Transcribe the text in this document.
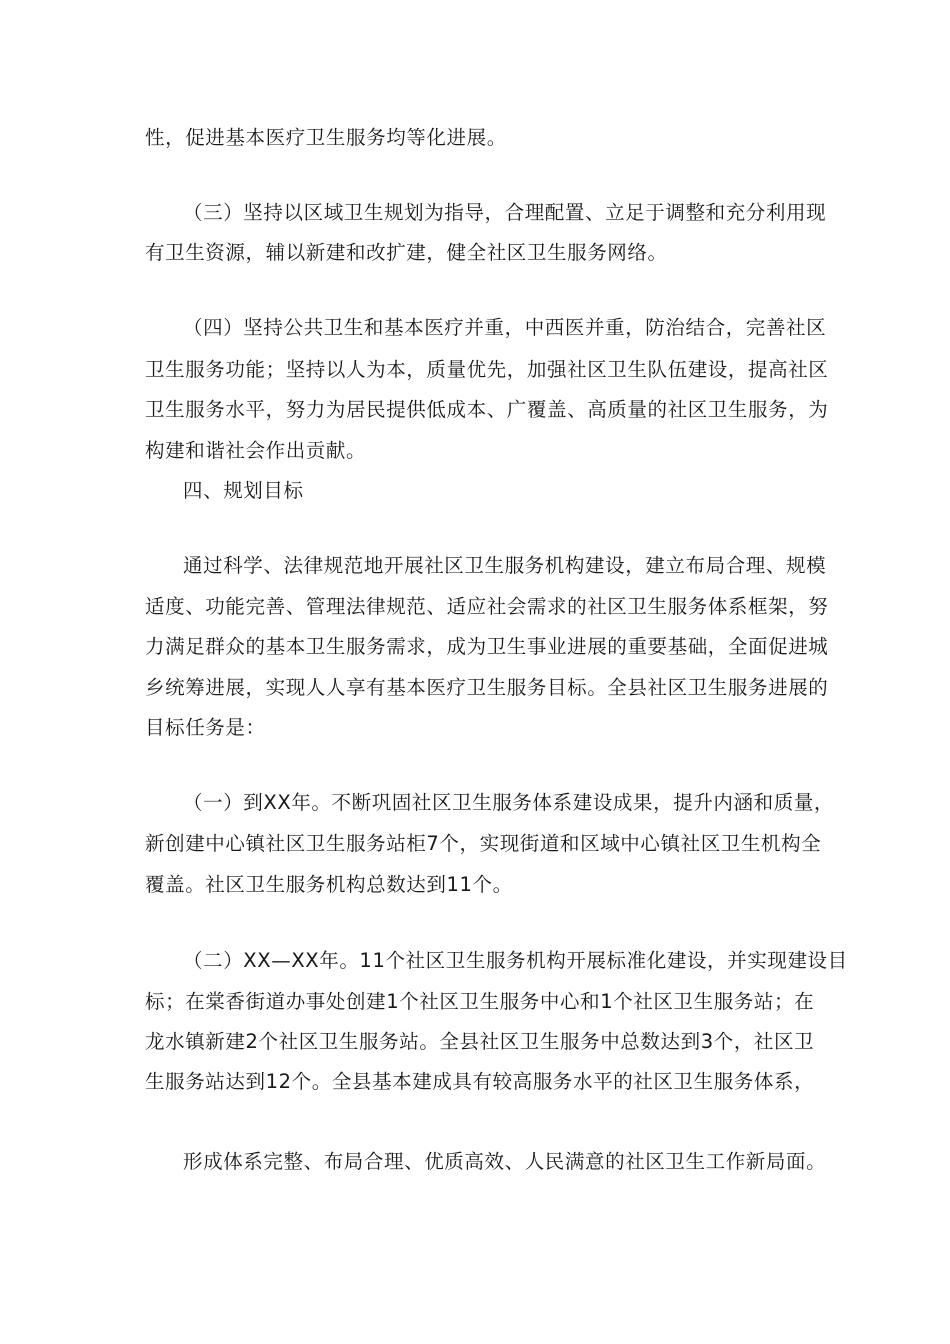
性，促进基本医疗卫生服务均等化进展。
（三）坚持以区域卫生规划为指导，合理配置、立足于调整和充分利用现
有卫生资源，辅以新建和改扩建，健全社区卫生服务网络。
（四）坚持公共卫生和基本医疗并重，中西医并重，防治结合，完善社区
卫生服务功能；坚持以人为本，质量优先，加强社区卫生队伍建设，提高社区
卫生服务水平，努力为居民提供低成本、广覆盖、高质量的社区卫生服务，为
构建和谐社会作出贡献。
四、规划目标
通过科学、法律规范地开展社区卫生服务机构建设，建立布局合理、规模
适度、功能完善、管理法律规范、适应社会需求的社区卫生服务体系框架，努
力满足群众的基本卫生服务需求，成为卫生事业进展的重要基础，全面促进城
乡统筹进展，实现人人享有基本医疗卫生服务目标。全县社区卫生服务进展的
目标任务是：
（一）到XX年。不断巩固社区卫生服务体系建设成果，提升内涵和质量，
新创建中心镇社区卫生服务站柜7个，实现街道和区域中心镇社区卫生机构全
覆盖。社区卫生服务机构总数达到11个。
（二）XX—XX年。11个社区卫生服务机构开展标准化建设，并实现建设目
标；在棠香街道办事处创建1个社区卫生服务中心和1个社区卫生服务站；在
龙水镇新建2个社区卫生服务站。全县社区卫生服务中总数达到3个，社区卫
生服务站达到12个。全县基本建成具有较高服务水平的社区卫生服务体系，
形成体系完整、布局合理、优质高效、人民满意的社区卫生工作新局面。
